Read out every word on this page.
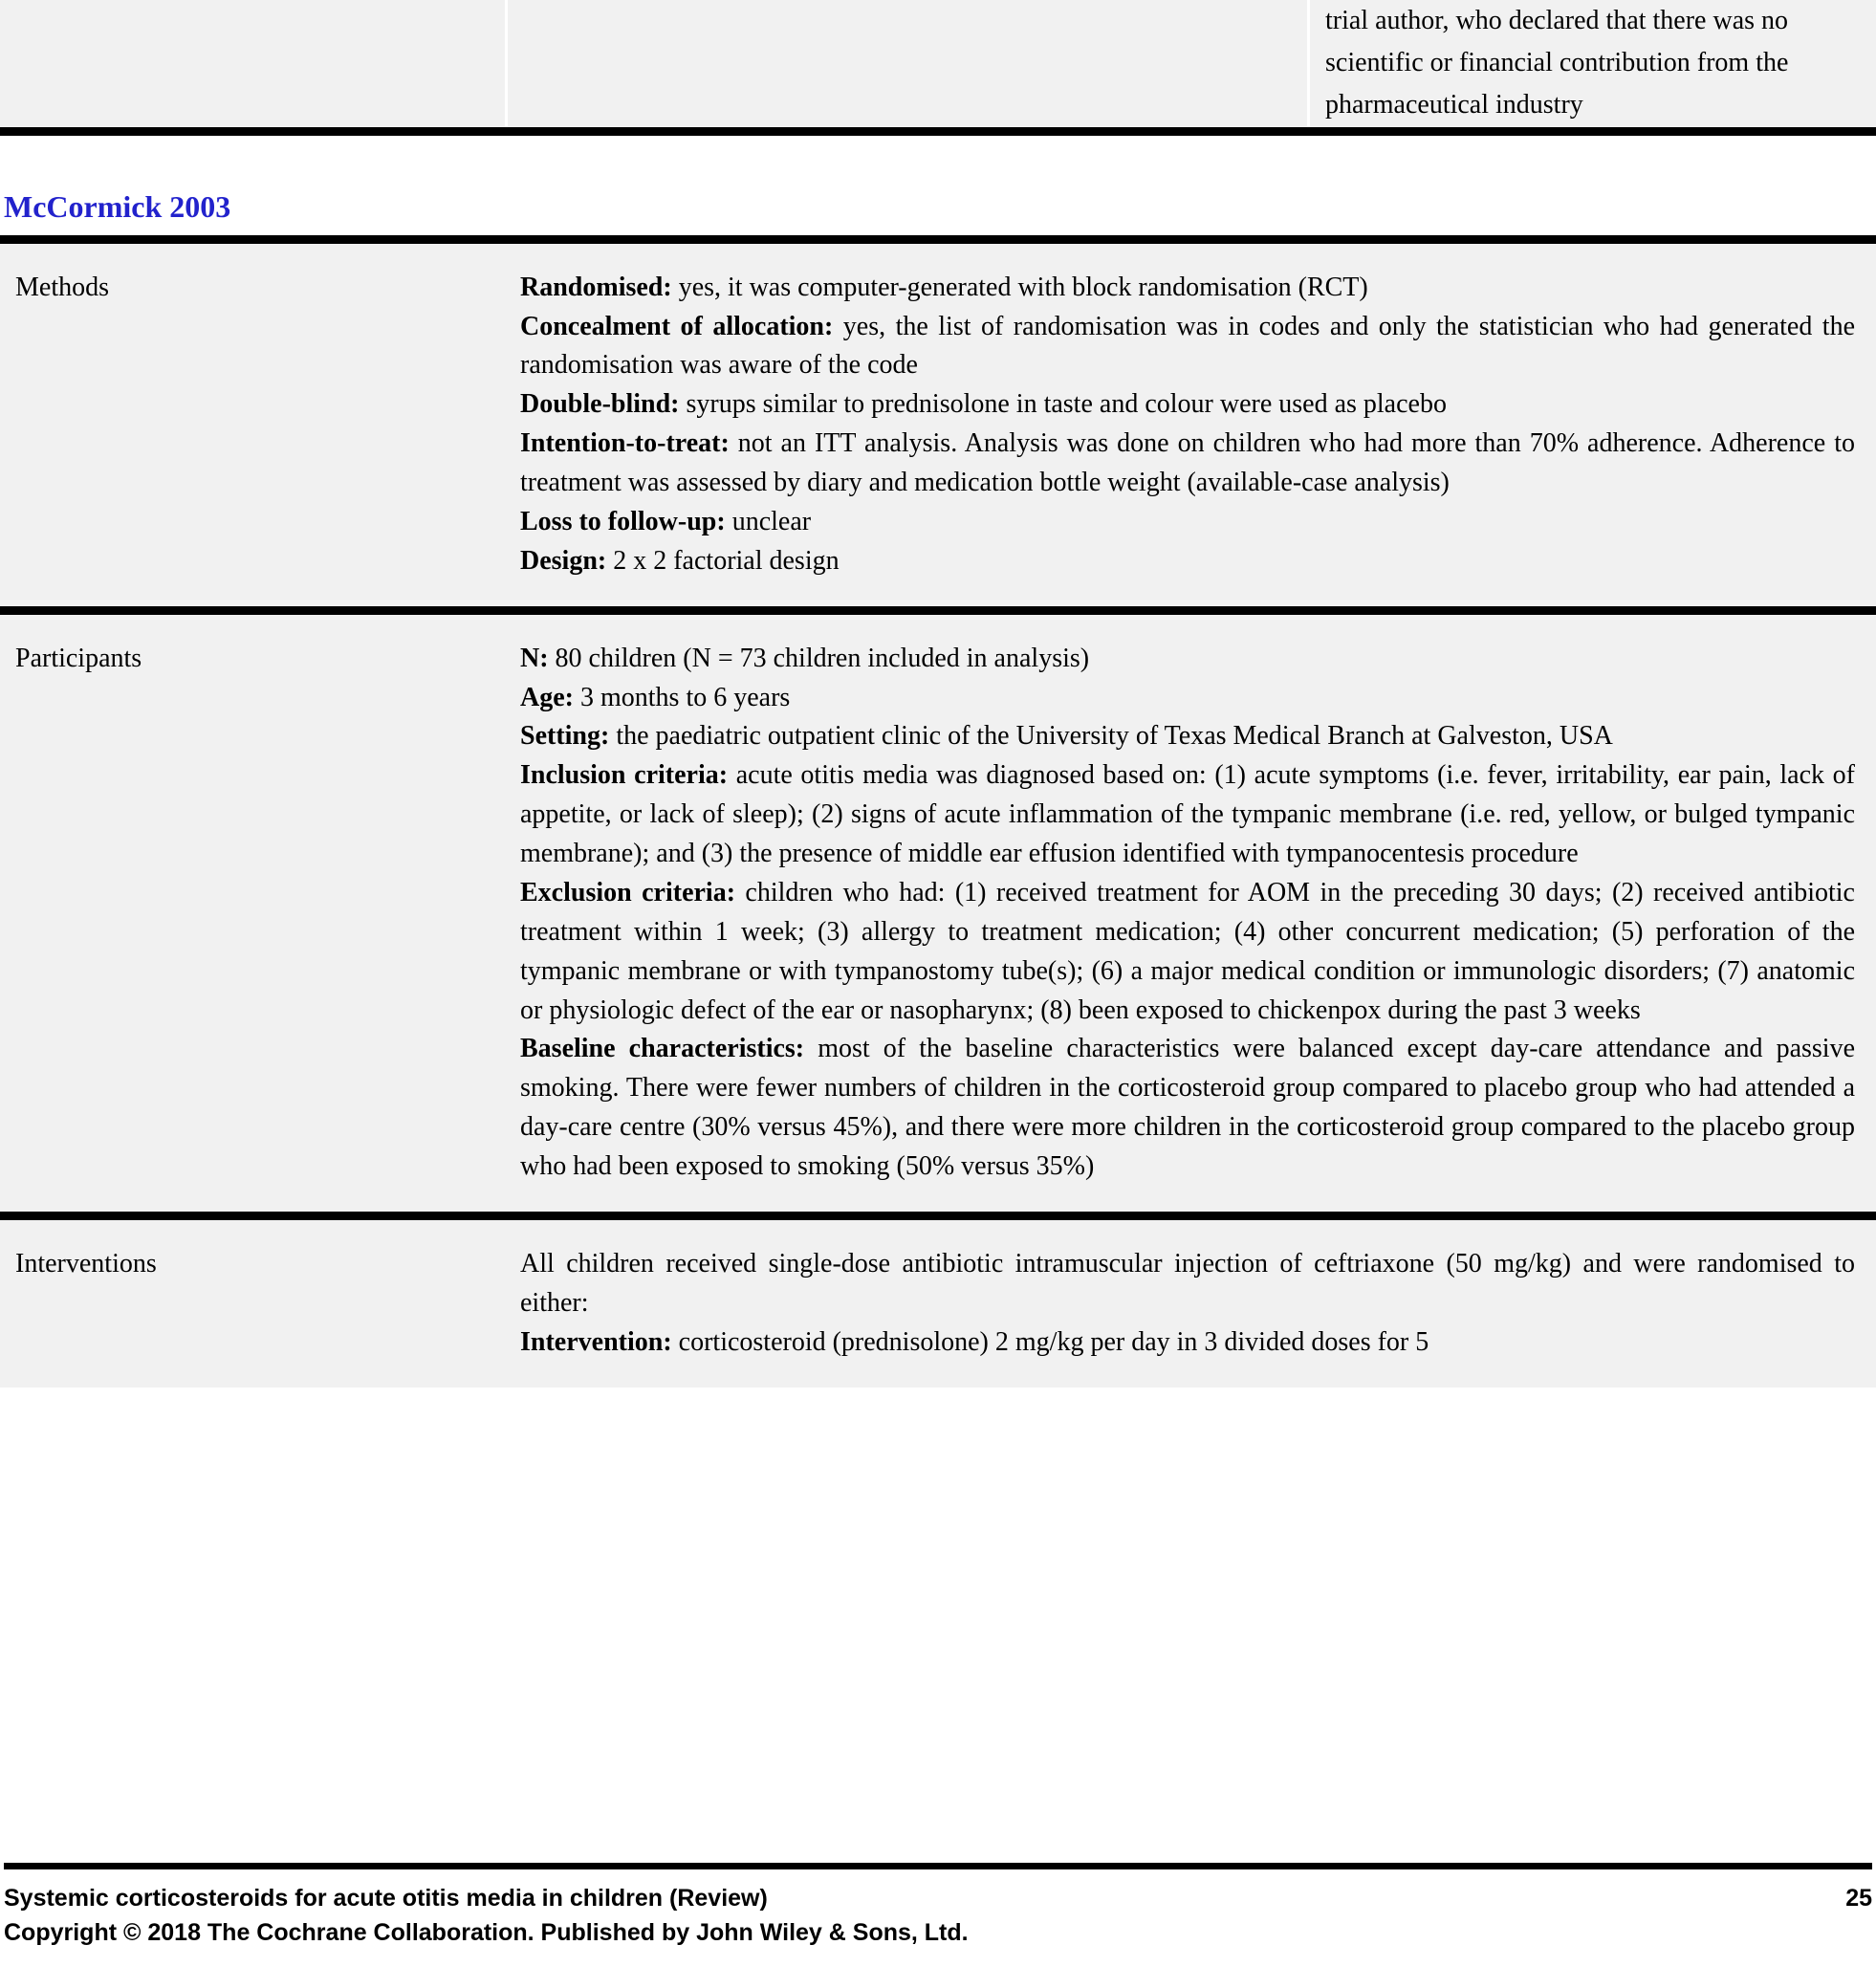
trial author, who declared that there was no scientific or financial contribution from the pharmaceutical industry
McCormick 2003
Methods	Randomised: yes, it was computer-generated with block randomisation (RCT)

Concealment of allocation: yes, the list of randomisation was in codes and only the statistician who had generated the randomisation was aware of the code

Double-blind: syrups similar to prednisolone in taste and colour were used as placebo

Intention-to-treat: not an ITT analysis. Analysis was done on children who had more than 70% adherence. Adherence to treatment was assessed by diary and medication bottle weight (available-case analysis)

Loss to follow-up: unclear

Design: 2 x 2 factorial design

Participants	N: 80 children (N = 73 children included in analysis)

Age: 3 months to 6 years

Setting: the paediatric outpatient clinic of the University of Texas Medical Branch at Galveston, USA

Inclusion criteria: acute otitis media was diagnosed based on: (1) acute symptoms (i.e. fever, irritability, ear pain, lack of appetite, or lack of sleep); (2) signs of acute inflammation of the tympanic membrane (i.e. red, yellow, or bulged tympanic membrane); and (3) the presence of middle ear effusion identified with tympanocentesis procedure

Exclusion criteria: children who had: (1) received treatment for AOM in the preceding 30 days; (2) received antibiotic treatment within 1 week; (3) allergy to treatment medication; (4) other concurrent medication; (5) perforation of the tympanic membrane or with tympanostomy tube(s); (6) a major medical condition or immunologic disorders; (7) anatomic or physiologic defect of the ear or nasopharynx; (8) been exposed to chickenpox during the past 3 weeks

Baseline characteristics: most of the baseline characteristics were balanced except day-care attendance and passive smoking. There were fewer numbers of children in the corticosteroid group compared to placebo group who had attended a day-care centre (30% versus 45%), and there were more children in the corticosteroid group compared to the placebo group who had been exposed to smoking (50% versus 35%)

Interventions	All children received single-dose antibiotic intramuscular injection of ceftriaxone (50 mg/kg) and were randomised to either:

Intervention: corticosteroid (prednisolone) 2 mg/kg per day in 3 divided doses for 5

Systemic corticosteroids for acute otitis media in children (Review)	25
Copyright © 2018 The Cochrane Collaboration. Published by John Wiley & Sons, Ltd.
